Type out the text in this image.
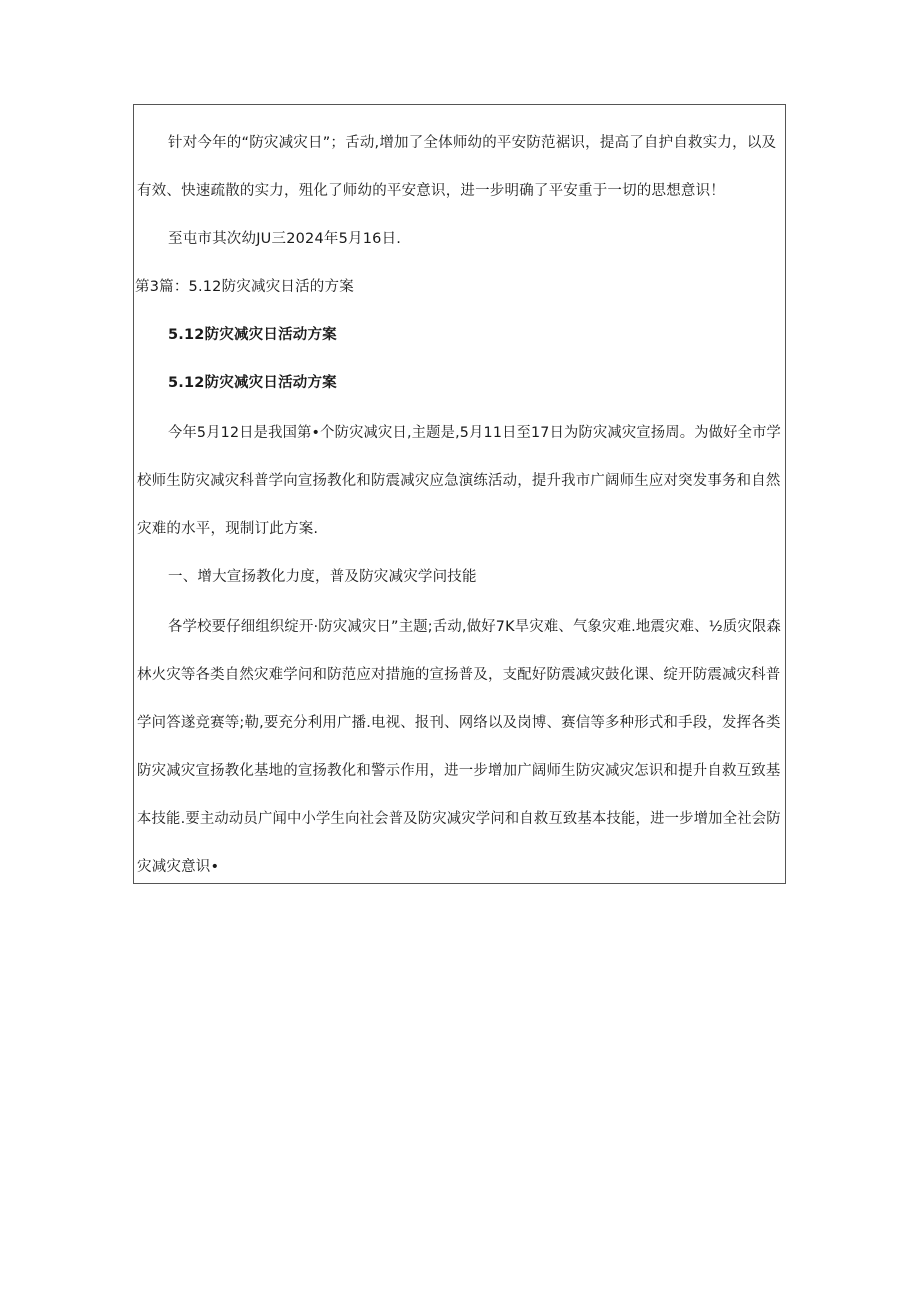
针对今年的“防灾减灾日”；舌动,增加了全体师幼的平安防范裾识，提高了自护自救实力，以及
有效、快速疏散的实力，殂化了师幼的平安意识，进一步明确了平安重于一切的思想意识！
至屯市其次幼JU三2024年5月16日.
第3篇：5.12防灾减灾日活的方案
5.12防灾减灾日活动方案
5.12防灾减灾日活动方案
今年5月12日是我国第•个防灾减灾日,主题是,5月11日至17日为防灾减灾宣扬周。为做好全市学
校师生防灾减灾科普学向宣扬教化和防震减灾应急演练活动，提升我市广阔师生应对突发事务和自然
灾难的水平，现制订此方案.
一、增大宣扬教化力度，普及防灾减灾学问技能
各学校要仔细组织绽开·防灾减灾日”主题;舌动,做好7K旱灾难、气象灾难.地震灾难、½质灾限森
林火灾等各类自然灾难学问和防范应对措施的宣扬普及，支配好防震减灾鼓化课、绽开防震减灾科普
学问答遂竞赛等;勒,要充分利用广播.电视、报刊、网络以及岗博、赛信等多种形式和手段，发挥各类
防灾减灾宣扬教化基地的宣扬教化和警示作用，进一步增加广阔师生防灾减灾怎识和提升自救互致基
本技能.要主动动员广闻中小学生向社会普及防灾减灾学问和自救互致基本技能，进一步增加全社会防
灾减灾意识•
